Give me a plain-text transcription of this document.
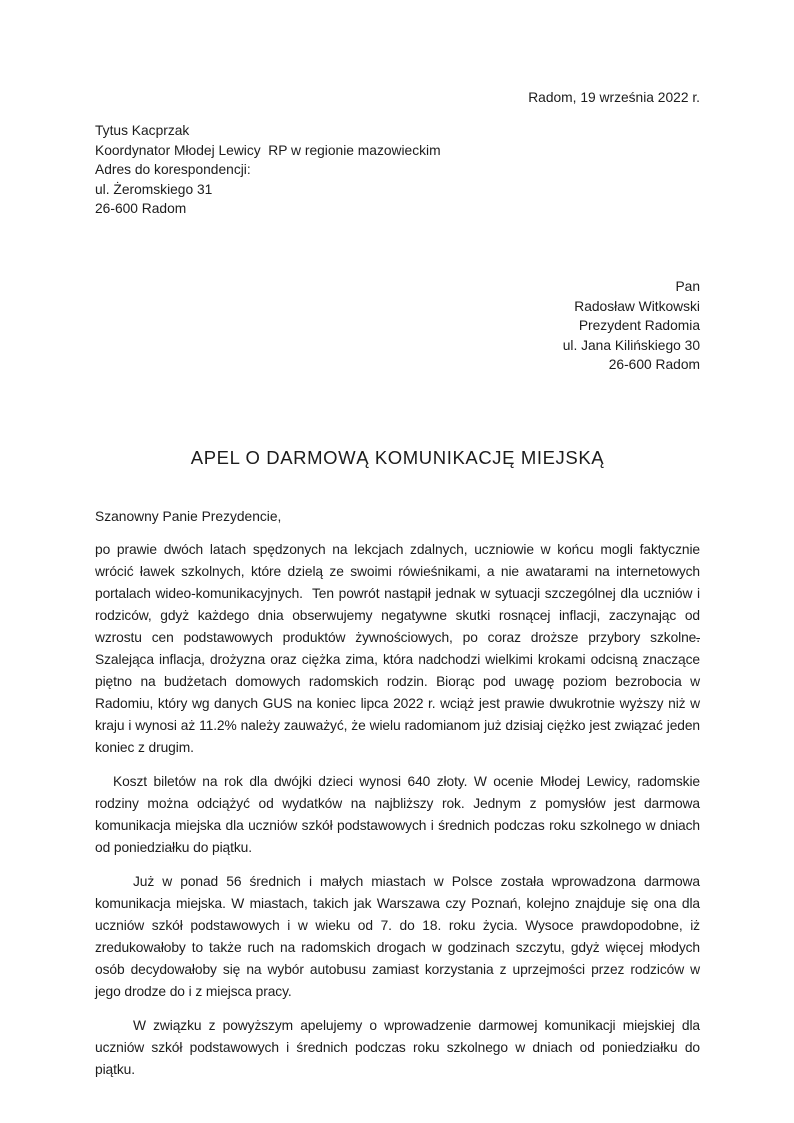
Radom, 19 września 2022 r.
Tytus Kacprzak
Koordynator Młodej Lewicy  RP w regionie mazowieckim
Adres do korespondencji:
ul. Żeromskiego 31
26-600 Radom
Pan
Radosław Witkowski
Prezydent Radomia
ul. Jana Kilińskiego 30
26-600 Radom
APEL O DARMOWĄ KOMUNIKACJĘ MIEJSKĄ
Szanowny Panie Prezydencie,

po prawie dwóch latach spędzonych na lekcjach zdalnych, uczniowie w końcu mogli faktycznie wrócić ławek szkolnych, które dzielą ze swoimi rówieśnikami, a nie awatarami na internetowych portalach wideo-komunikacyjnych.  Ten powrót nastąpił jednak w sytuacji szczególnej dla uczniów i rodziców, gdyż każdego dnia obserwujemy negatywne skutki rosnącej inflacji, zaczynając od wzrostu cen podstawowych produktów żywnościowych, po coraz droższe przybory szkolne. Szalejąca inflacja, drożyzna oraz ciężka zima, która nadchodzi wielkimi krokami odcisną znaczące piętno na budżetach domowych radomskich rodzin. Biorąc pod uwagę poziom bezrobocia w Radomiu, który wg danych GUS na koniec lipca 2022 r. wciąż jest prawie dwukrotnie wyższy niż w kraju i wynosi aż 11.2% należy zauważyć, że wielu radomianom już dzisiaj ciężko jest związać jeden koniec z drugim.

Koszt biletów na rok dla dwójki dzieci wynosi 640 złoty. W ocenie Młodej Lewicy, radomskie rodziny można odciążyć od wydatków na najbliższy rok. Jednym z pomysłów jest darmowa komunikacja miejska dla uczniów szkół podstawowych i średnich podczas roku szkolnego w dniach od poniedziałku do piątku.

Już w ponad 56 średnich i małych miastach w Polsce została wprowadzona darmowa komunikacja miejska. W miastach, takich jak Warszawa czy Poznań, kolejno znajduje się ona dla uczniów szkół podstawowych i w wieku od 7. do 18. roku życia. Wysoce prawdopodobne, iż zredukowałoby to także ruch na radomskich drogach w godzinach szczytu, gdyż więcej młodych osób decydowałoby się na wybór autobusu zamiast korzystania z uprzejmości przez rodziców w jego drodze do i z miejsca pracy.

W związku z powyższym apelujemy o wprowadzenie darmowej komunikacji miejskiej dla uczniów szkół podstawowych i średnich podczas roku szkolnego w dniach od poniedziałku do piątku.
